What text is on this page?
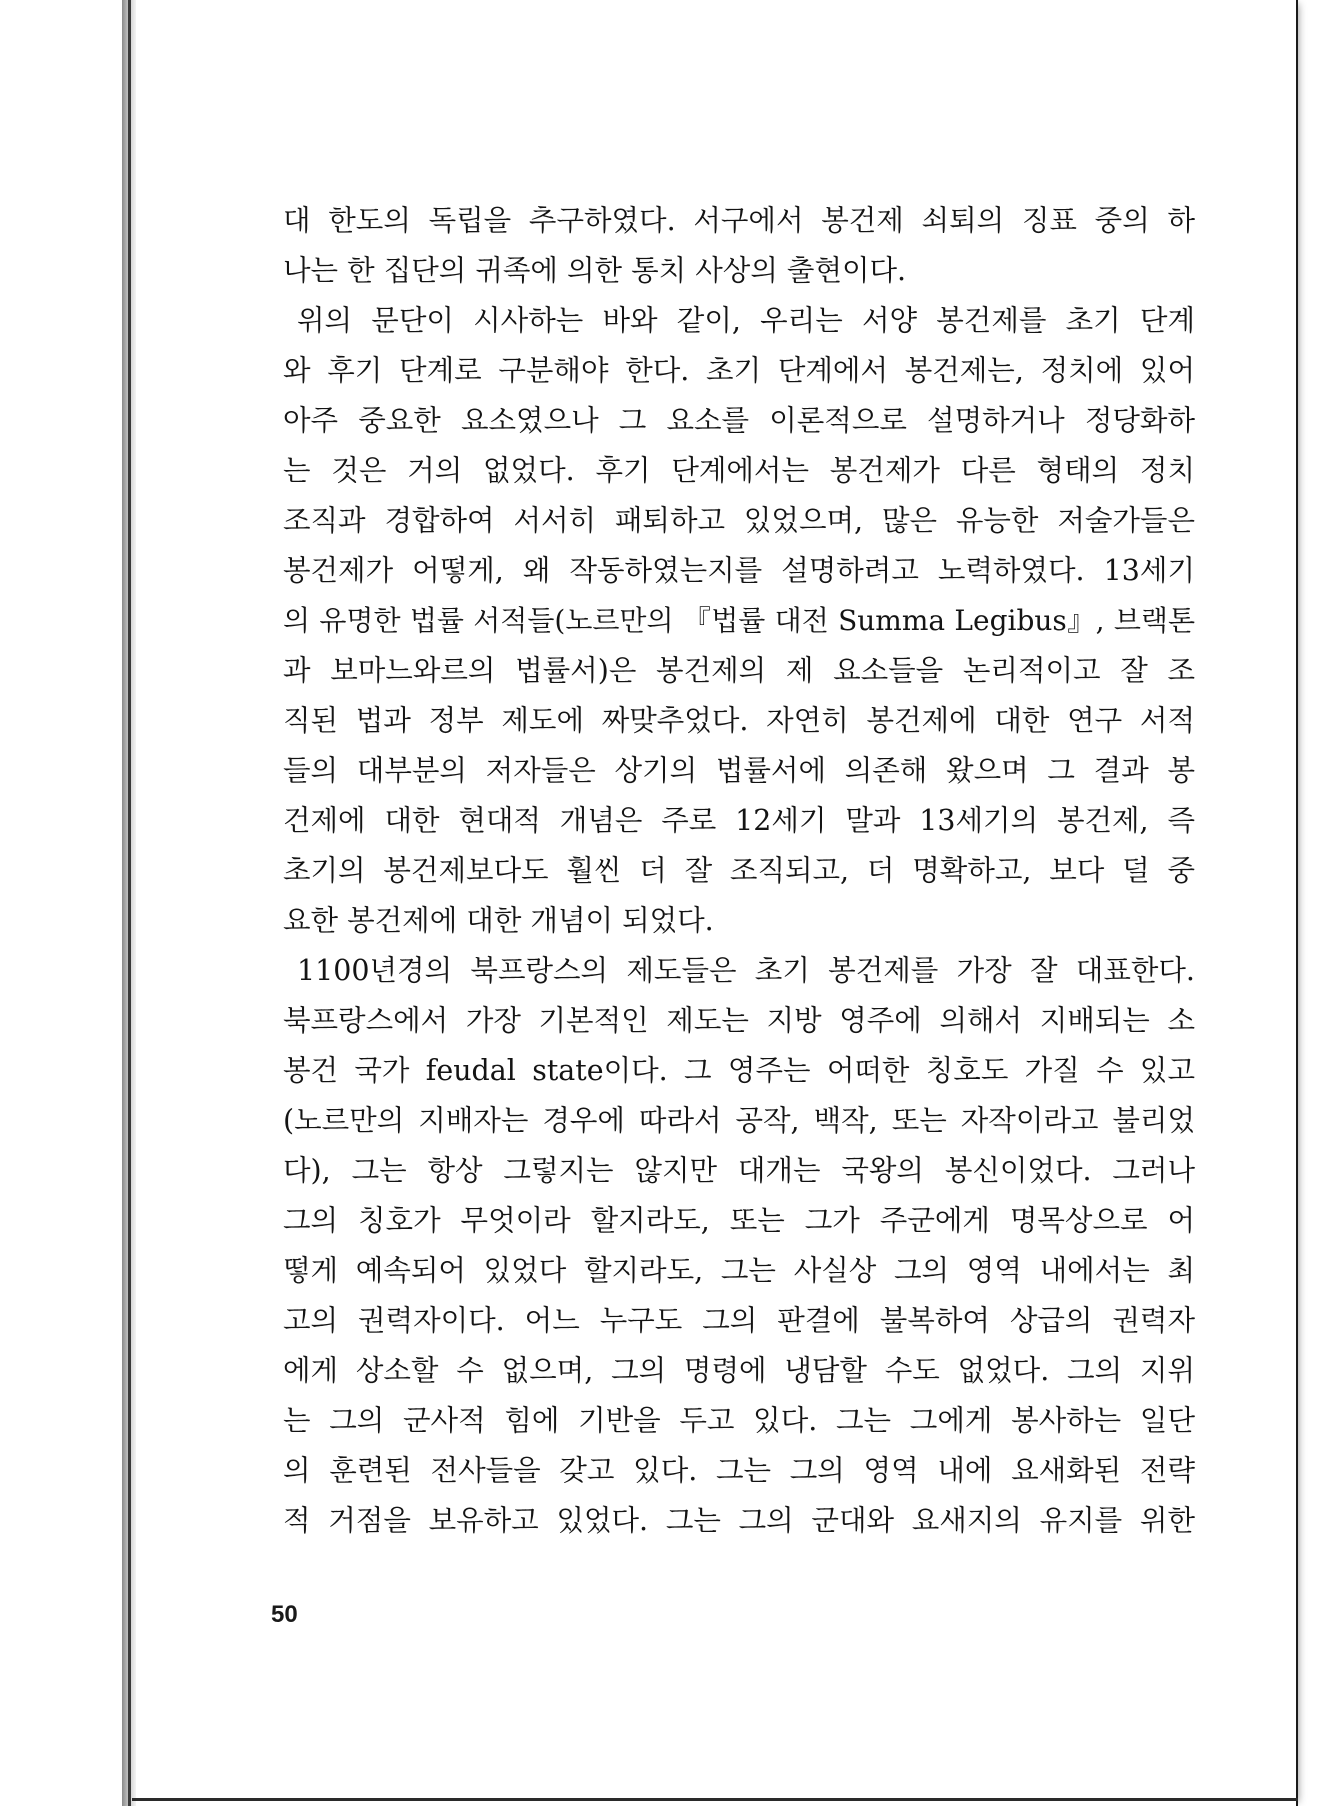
대 한도의 독립을 추구하였다. 서구에서 봉건제 쇠퇴의 징표 중의 하
나는 한 집단의 귀족에 의한 통치 사상의 출현이다.
위의 문단이 시사하는 바와 같이, 우리는 서양 봉건제를 초기 단계
와 후기 단계로 구분해야 한다. 초기 단계에서 봉건제는, 정치에 있어
아주 중요한 요소였으나 그 요소를 이론적으로 설명하거나 정당화하
는 것은 거의 없었다. 후기 단계에서는 봉건제가 다른 형태의 정치
조직과 경합하여 서서히 패퇴하고 있었으며, 많은 유능한 저술가들은
봉건제가 어떻게, 왜 작동하였는지를 설명하려고 노력하였다. 13세기
의 유명한 법률 서적들(노르만의 『법률 대전 Summa Legibus』, 브랙톤
과 보마느와르의 법률서)은 봉건제의 제 요소들을 논리적이고 잘 조
직된 법과 정부 제도에 짜맞추었다. 자연히 봉건제에 대한 연구 서적
들의 대부분의 저자들은 상기의 법률서에 의존해 왔으며 그 결과 봉
건제에 대한 현대적 개념은 주로 12세기 말과 13세기의 봉건제, 즉
초기의 봉건제보다도 훨씬 더 잘 조직되고, 더 명확하고, 보다 덜 중
요한 봉건제에 대한 개념이 되었다.
1100년경의 북프랑스의 제도들은 초기 봉건제를 가장 잘 대표한다.
북프랑스에서 가장 기본적인 제도는 지방 영주에 의해서 지배되는 소
봉건 국가 feudal state이다. 그 영주는 어떠한 칭호도 가질 수 있고
(노르만의 지배자는 경우에 따라서 공작, 백작, 또는 자작이라고 불리었
다), 그는 항상 그렇지는 않지만 대개는 국왕의 봉신이었다. 그러나
그의 칭호가 무엇이라 할지라도, 또는 그가 주군에게 명목상으로 어
떻게 예속되어 있었다 할지라도, 그는 사실상 그의 영역 내에서는 최
고의 권력자이다. 어느 누구도 그의 판결에 불복하여 상급의 권력자
에게 상소할 수 없으며, 그의 명령에 냉담할 수도 없었다. 그의 지위
는 그의 군사적 힘에 기반을 두고 있다. 그는 그에게 봉사하는 일단
의 훈련된 전사들을 갖고 있다. 그는 그의 영역 내에 요새화된 전략
적 거점을 보유하고 있었다. 그는 그의 군대와 요새지의 유지를 위한
50
